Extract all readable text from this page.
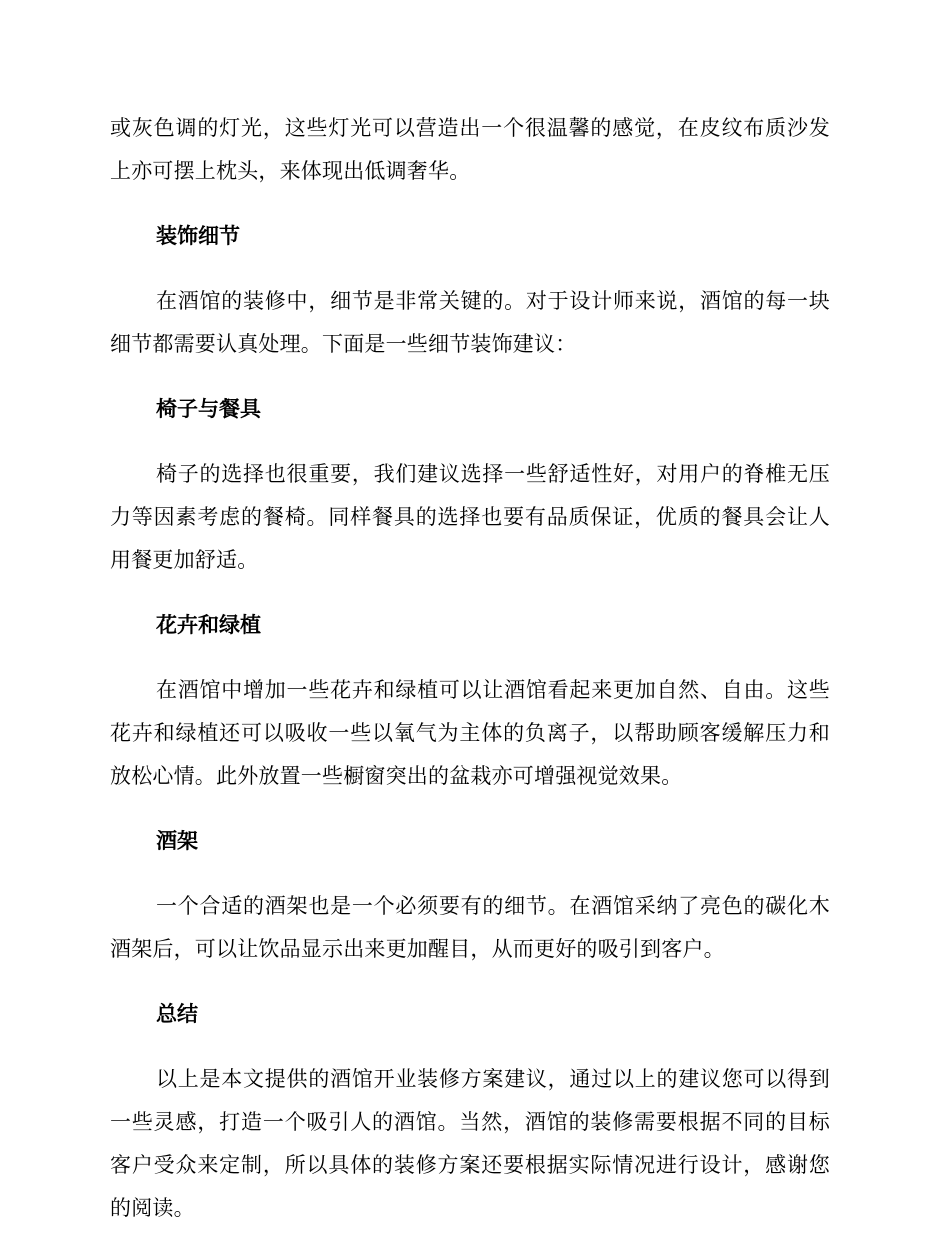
或灰色调的灯光，这些灯光可以营造出一个很温馨的感觉，在皮纹布质沙发上亦可摆上枕头，来体现出低调奢华。

装饰细节

在酒馆的装修中，细节是非常关键的。对于设计师来说，酒馆的每一块细节都需要认真处理。下面是一些细节装饰建议：

椅子与餐具

椅子的选择也很重要，我们建议选择一些舒适性好，对用户的脊椎无压力等因素考虑的餐椅。同样餐具的选择也要有品质保证，优质的餐具会让人用餐更加舒适。

花卉和绿植

在酒馆中增加一些花卉和绿植可以让酒馆看起来更加自然、自由。这些花卉和绿植还可以吸收一些以氧气为主体的负离子，以帮助顾客缓解压力和放松心情。此外放置一些橱窗突出的盆栽亦可增强视觉效果。

酒架

一个合适的酒架也是一个必须要有的细节。在酒馆采纳了亮色的碳化木酒架后，可以让饮品显示出来更加醒目，从而更好的吸引到客户。

总结

以上是本文提供的酒馆开业装修方案建议，通过以上的建议您可以得到一些灵感，打造一个吸引人的酒馆。当然，酒馆的装修需要根据不同的目标客户受众来定制，所以具体的装修方案还要根据实际情况进行设计，感谢您的阅读。
